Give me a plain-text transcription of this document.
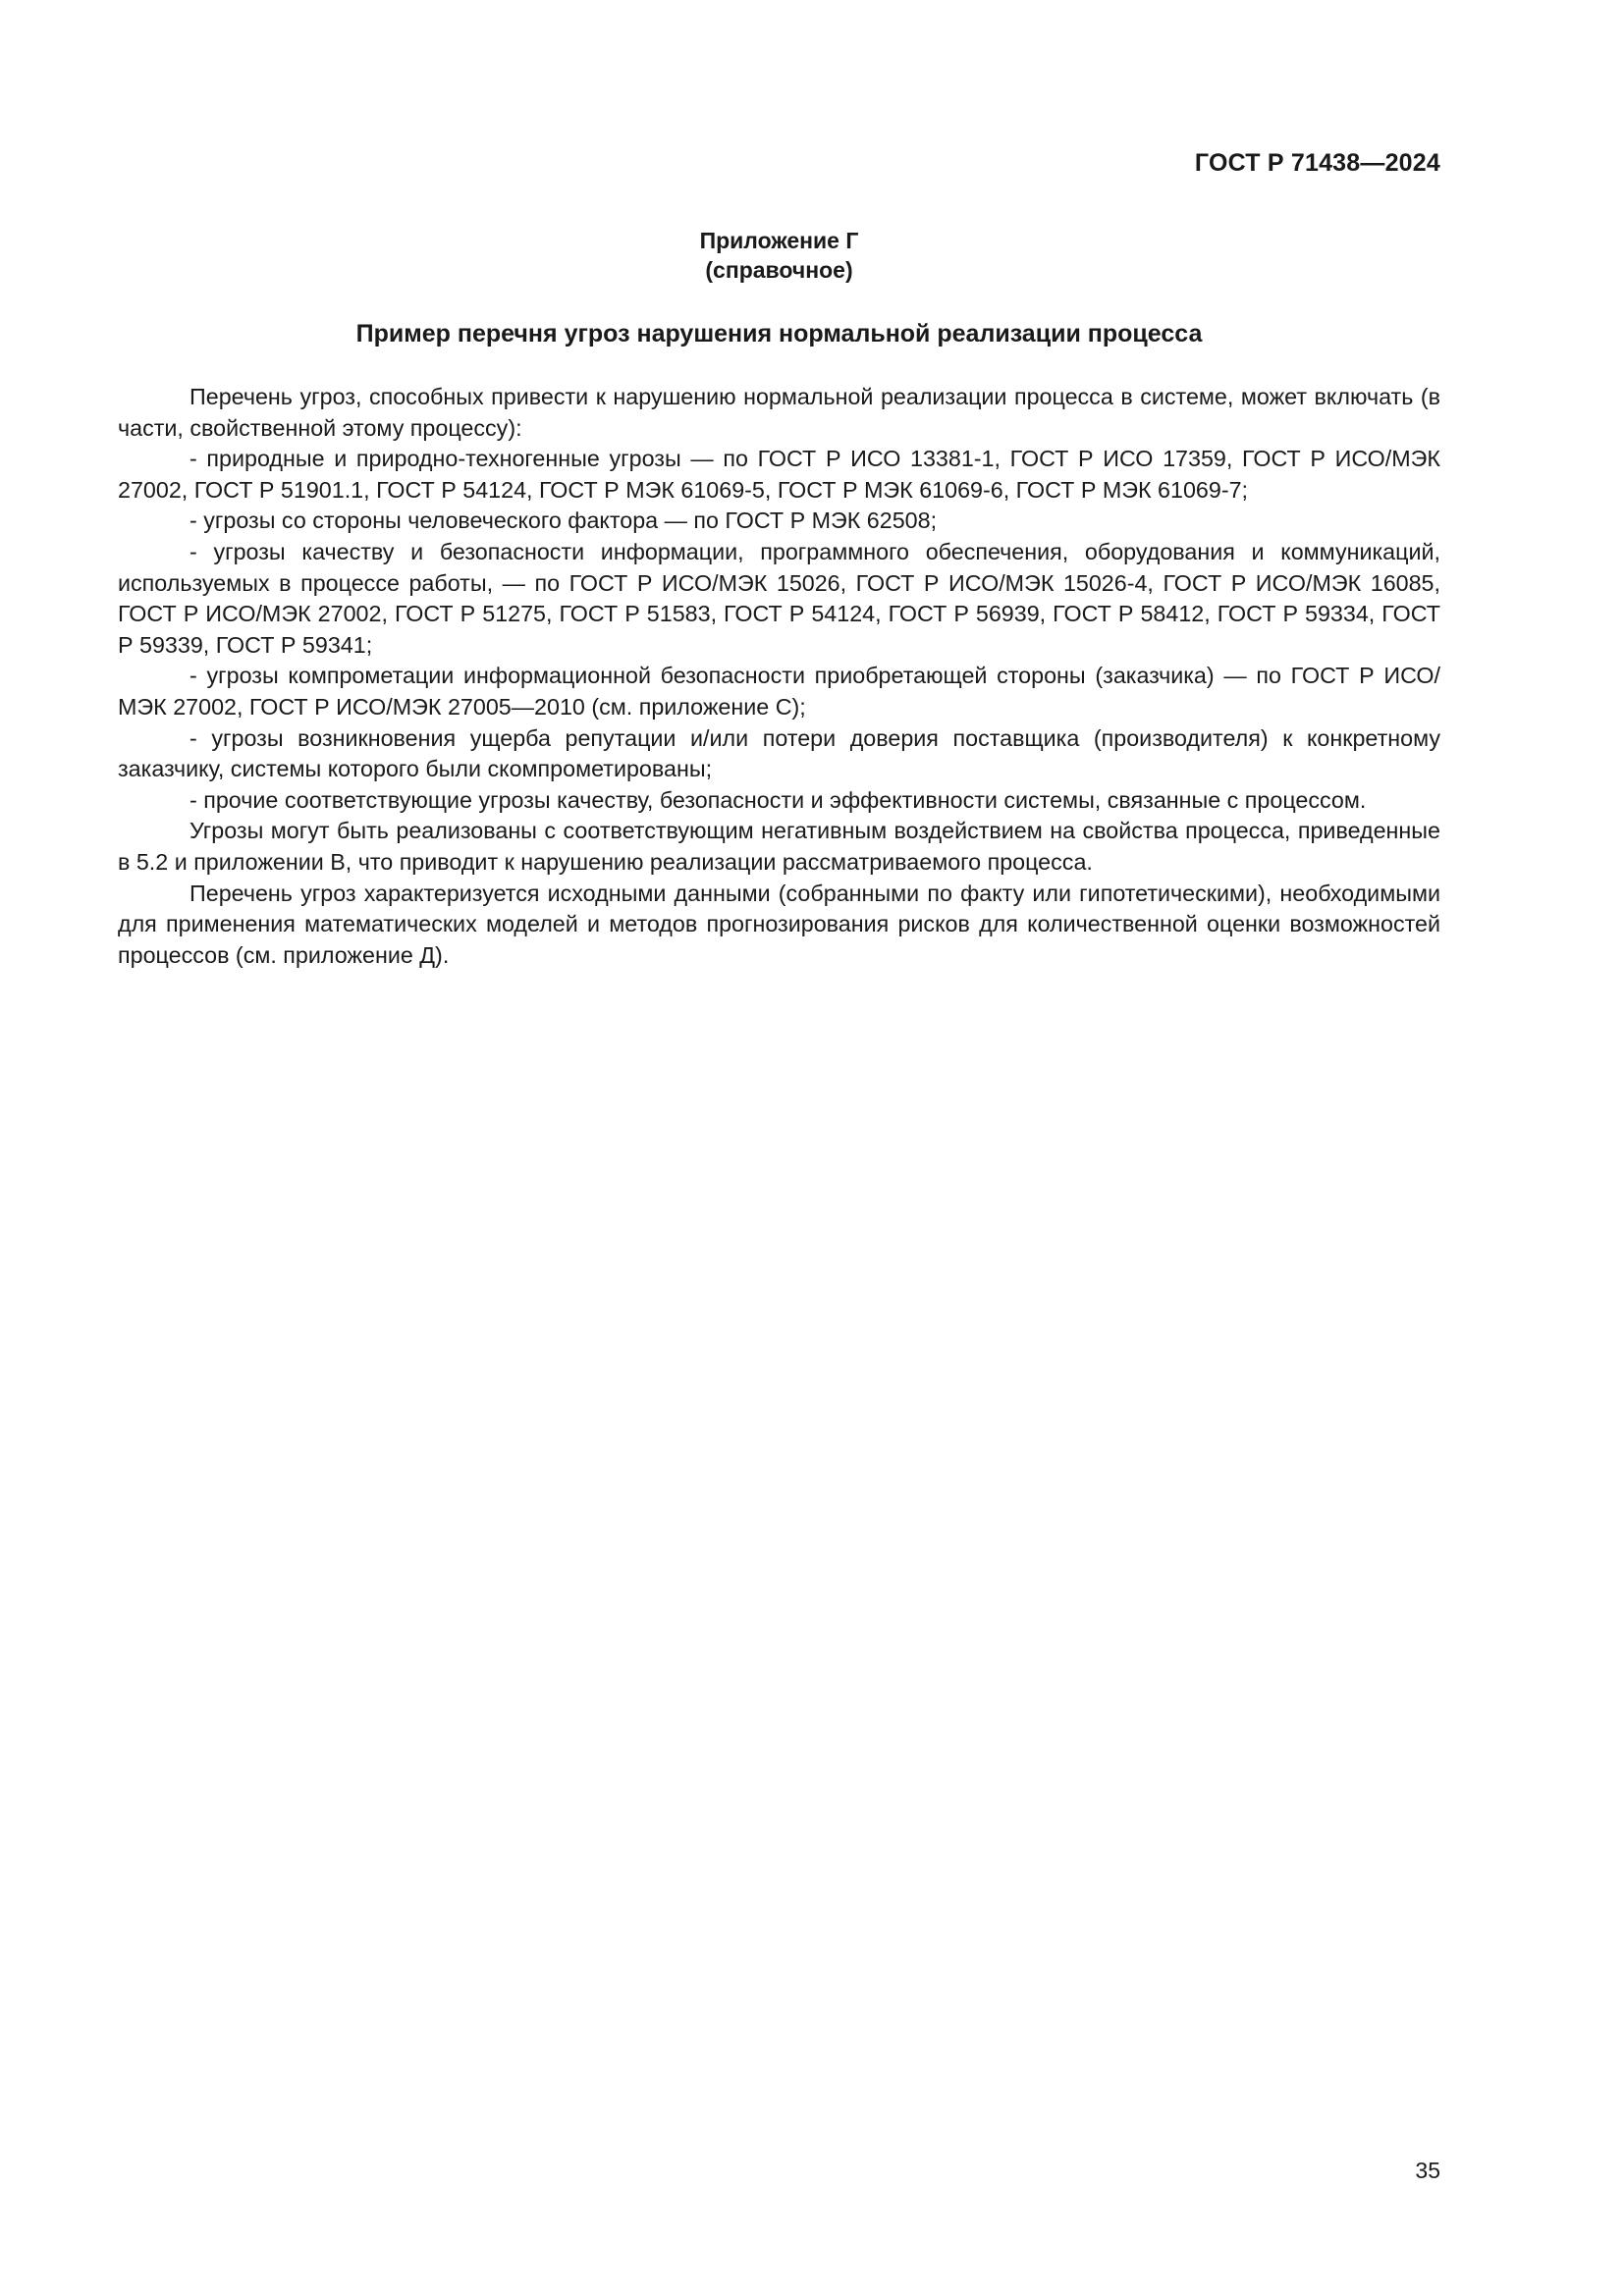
ГОСТ Р 71438—2024
Приложение Г
(справочное)
Пример перечня угроз нарушения нормальной реализации процесса

Перечень угроз, способных привести к нарушению нормальной реализации процесса в системе, может включать (в части, свойственной этому процессу):

- природные и природно-техногенные угрозы — по ГОСТ Р ИСО 13381-1, ГОСТ Р ИСО 17359, ГОСТ Р ИСО/МЭК 27002, ГОСТ Р 51901.1, ГОСТ Р 54124, ГОСТ Р МЭК 61069-5, ГОСТ Р МЭК 61069-6, ГОСТ Р МЭК 61069-7;

- угрозы со стороны человеческого фактора — по ГОСТ Р МЭК 62508;

- угрозы качеству и безопасности информации, программного обеспечения, оборудования и коммуникаций, используемых в процессе работы, — по ГОСТ Р ИСО/МЭК 15026, ГОСТ Р ИСО/МЭК 15026-4, ГОСТ Р ИСО/МЭК 16085, ГОСТ Р ИСО/МЭК 27002, ГОСТ Р 51275, ГОСТ Р 51583, ГОСТ Р 54124, ГОСТ Р 56939, ГОСТ Р 58412, ГОСТ Р 59334, ГОСТ Р 59339, ГОСТ Р 59341;

- угрозы компрометации информационной безопасности приобретающей стороны (заказчика) — по ГОСТ Р ИСО/МЭК 27002, ГОСТ Р ИСО/МЭК 27005—2010 (см. приложение С);

- угрозы возникновения ущерба репутации и/или потери доверия поставщика (производителя) к конкретному заказчику, системы которого были скомпрометированы;

- прочие соответствующие угрозы качеству, безопасности и эффективности системы, связанные с процессом.

Угрозы могут быть реализованы с соответствующим негативным воздействием на свойства процесса, приведенные в 5.2 и приложении В, что приводит к нарушению реализации рассматриваемого процесса.

Перечень угроз характеризуется исходными данными (собранными по факту или гипотетическими), необходимыми для применения математических моделей и методов прогнозирования рисков для количественной оценки возможностей процессов (см. приложение Д).

35
